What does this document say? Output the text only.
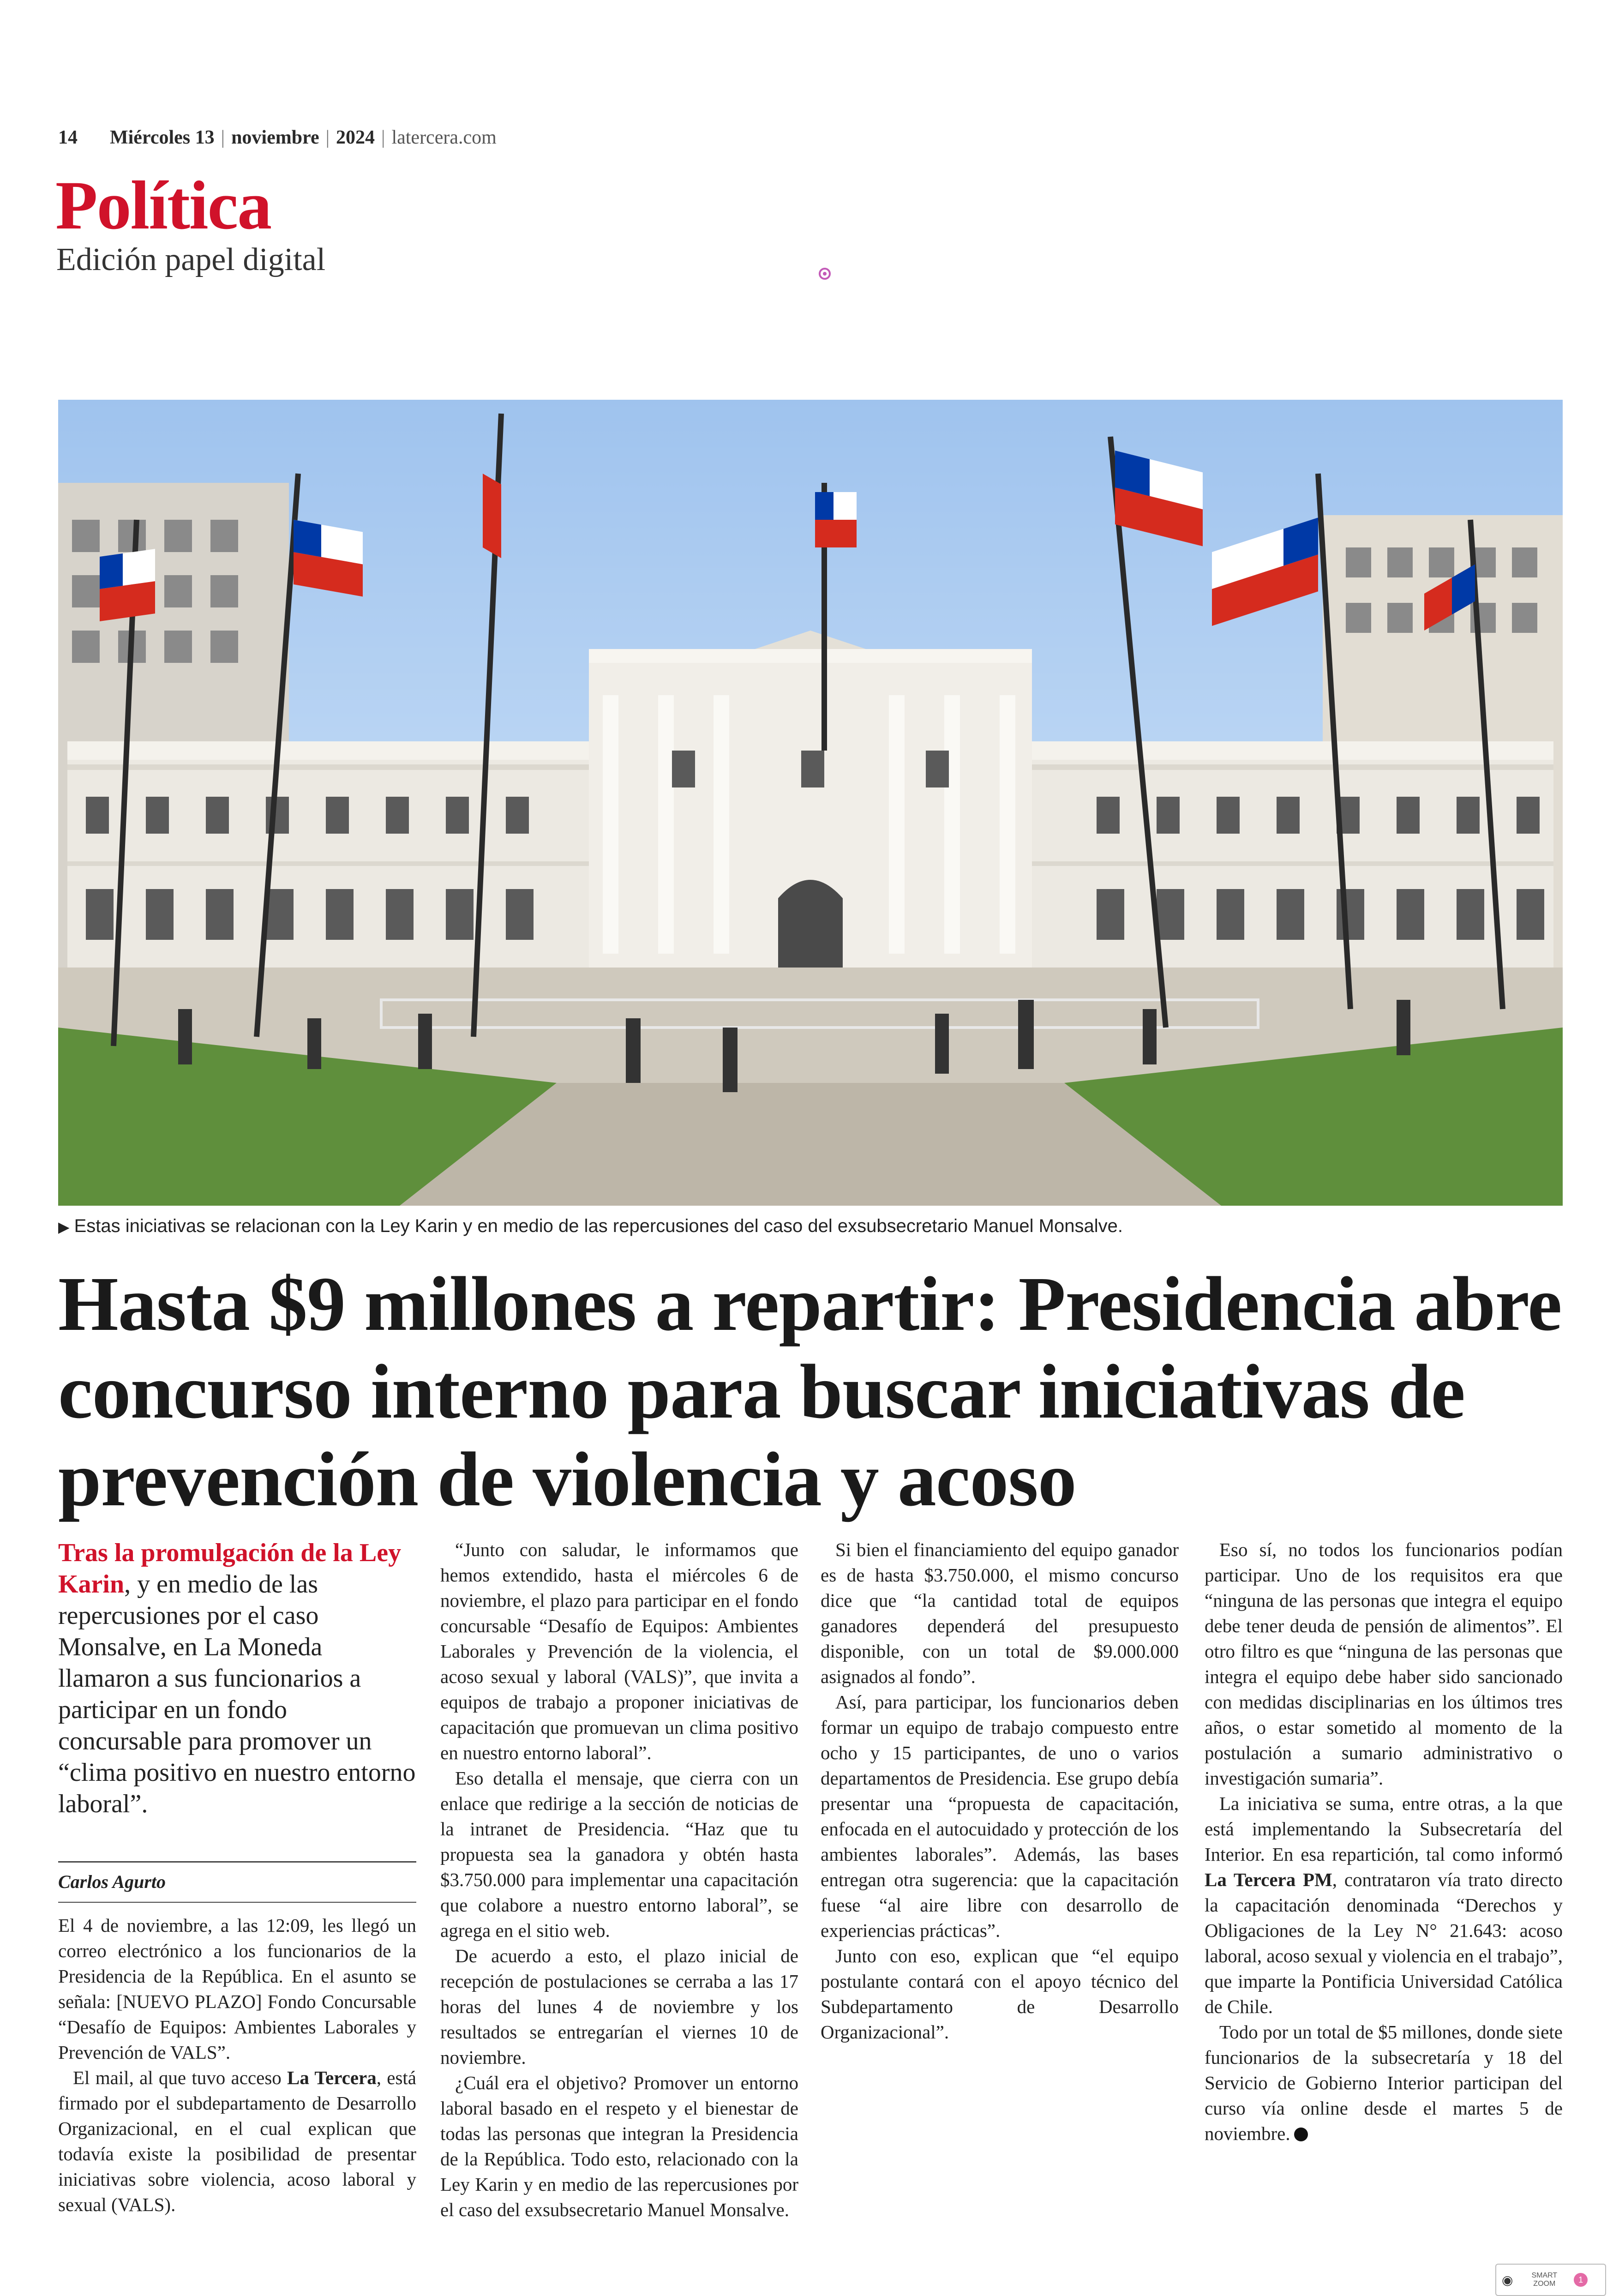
14 Miércoles 13 | noviembre | 2024 | latercera.com
Política
Edición papel digital
▶ Estas iniciativas se relacionan con la Ley Karin y en medio de las repercusiones del caso del exsubsecretario Manuel Monsalve.
Hasta $9 millones a repartir: Presidencia abre concurso interno para buscar iniciativas de prevención de violencia y acoso
Tras la promulgación de la Ley Karin, y en medio de las repercusiones por el caso Monsalve, en La Moneda llamaron a sus funcionarios a participar en un fondo concursable para promover un “clima positivo en nuestro entorno laboral”.
Carlos Agurto

El 4 de noviembre, a las 12:09, les llegó un correo electrónico a los funcionarios de la Presidencia de la República. En el asunto se señala: [NUEVO PLAZO] Fondo Concursable “Desafío de Equipos: Ambientes Laborales y Prevención de VALS”.

El mail, al que tuvo acceso La Tercera, está firmado por el subdepartamento de Desarrollo Organizacional, en el cual explican que todavía existe la posibilidad de presentar iniciativas sobre violencia, acoso laboral y sexual (VALS).

“Junto con saludar, le informamos que hemos extendido, hasta el miércoles 6 de noviembre, el plazo para participar en el fondo concursable “Desafío de Equipos: Ambientes Laborales y Prevención de la violencia, el acoso sexual y laboral (VALS)”, que invita a equipos de trabajo a proponer iniciativas de capacitación que promuevan un clima positivo en nuestro entorno laboral”.

Eso detalla el mensaje, que cierra con un enlace que redirige a la sección de noticias de la intranet de Presidencia. “Haz que tu propuesta sea la ganadora y obtén hasta $3.750.000 para implementar una capacitación que colabore a nuestro entorno laboral”, se agrega en el sitio web.

De acuerdo a esto, el plazo inicial de recepción de postulaciones se cerraba a las 17 horas del lunes 4 de noviembre y los resultados se entregarían el viernes 10 de noviembre.

¿Cuál era el objetivo? Promover un entorno laboral basado en el respeto y el bienestar de todas las personas que integran la Presidencia de la República. Todo esto, relacionado con la Ley Karin y en medio de las repercusiones por el caso del exsubsecretario Manuel Monsalve.

Si bien el financiamiento del equipo ganador es de hasta $3.750.000, el mismo concurso dice que “la cantidad total de equipos ganadores dependerá del presupuesto disponible, con un total de $9.000.000 asignados al fondo”.

Así, para participar, los funcionarios deben formar un equipo de trabajo compuesto entre ocho y 15 participantes, de uno o varios departamentos de Presidencia. Ese grupo debía presentar una “propuesta de capacitación, enfocada en el autocuidado y protección de los ambientes laborales”. Además, las bases entregan otra sugerencia: que la capacitación fuese “al aire libre con desarrollo de experiencias prácticas”.

Junto con eso, explican que “el equipo postulante contará con el apoyo técnico del Subdepartamento de Desarrollo Organizacional”.

Eso sí, no todos los funcionarios podían participar. Uno de los requisitos era que “ninguna de las personas que integra el equipo debe tener deuda de pensión de alimentos”. El otro filtro es que “ninguna de las personas que integra el equipo debe haber sido sancionado con medidas disciplinarias en los últimos tres años, o estar sometido al momento de la postulación a sumario administrativo o investigación sumaria”.

La iniciativa se suma, entre otras, a la que está implementando la Subsecretaría del Interior. En esa repartición, tal como informó La Tercera PM, contrataron vía trato directo la capacitación denominada “Derechos y Obligaciones de la Ley N° 21.643: acoso laboral, acoso sexual y violencia en el trabajo”, que imparte la Pontificia Universidad Católica de Chile.

Todo por un total de $5 millones, donde siete funcionarios de la subsecretaría y 18 del Servicio de Gobierno Interior participan del curso vía online desde el martes 5 de noviembre.

◉	SMART
ZOOM	1
